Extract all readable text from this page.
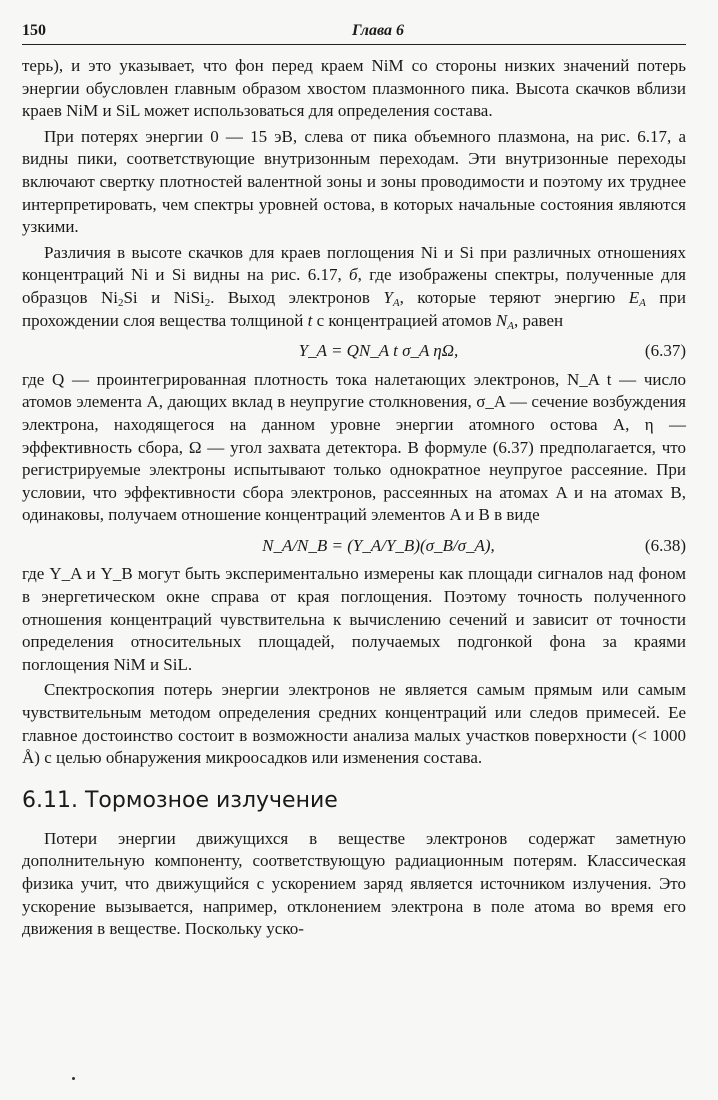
150	Глава 6

терь), и это указывает, что фон перед краем NiM со стороны низких значений потерь энергии обусловлен главным образом хвостом плазмонного пика. Высота скачков вблизи краев NiM и SiL может использоваться для определения состава.

При потерях энергии 0 — 15 эВ, слева от пика объемного плазмона, на рис. 6.17, а видны пики, соответствующие внутризонным переходам. Эти внутризонные переходы включают свертку плотностей валентной зоны и зоны проводимости и поэтому их труднее интерпретировать, чем спектры уровней остова, в которых начальные состояния являются узкими.

Различия в высоте скачков для краев поглощения Ni и Si при различных отношениях концентраций Ni и Si видны на рис. 6.17, б, где изображены спектры, полученные для образцов $Ni_2Si$ и NiSi$_2$. Выход электронов $Y_A$, которые теряют энергию $E_A$ при прохождении слоя вещества толщиной t с концентрацией атомов $N_A$, равен

Y_A = QN_A t σ_A ηΩ,	(6.37)

где Q — проинтегрированная плотность тока налетающих электронов, N_A t — число атомов элемента A, дающих вклад в неупругие столкновения, σ_A — сечение возбуждения электрона, находящегося на данном уровне энергии атомного остова A, η — эффективность сбора, Ω — угол захвата детектора. В формуле (6.37) предполагается, что регистрируемые электроны испытывают только однократное неупругое рассеяние. При условии, что эффективности сбора электронов, рассеянных на атомах A и на атомах B, одинаковы, получаем отношение концентраций элементов A и B в виде

N_A/N_B = (Y_A/Y_B)(σ_B/σ_A),	(6.38)

где Y_A и Y_B могут быть экспериментально измерены как площади сигналов над фоном в энергетическом окне справа от края поглощения. Поэтому точность полученного отношения концентраций чувствительна к вычислению сечений и зависит от точности определения относительных площадей, получаемых подгонкой фона за краями поглощения NiM и SiL.

Спектроскопия потерь энергии электронов не является самым прямым или самым чувствительным методом определения средних концентраций или следов примесей. Ее главное достоинство состоит в возможности анализа малых участков поверхности (< 1000 Å) с целью обнаружения микроосадков или изменения состава.

6.11. Тормозное излучение

Потери энергии движущихся в веществе электронов содержат заметную дополнительную компоненту, соответствующую радиационным потерям. Классическая физика учит, что движущийся с ускорением заряд является источником излучения. Это ускорение вызывается, например, отклонением электрона в поле атома во время его движения в веществе. Поскольку уско-
